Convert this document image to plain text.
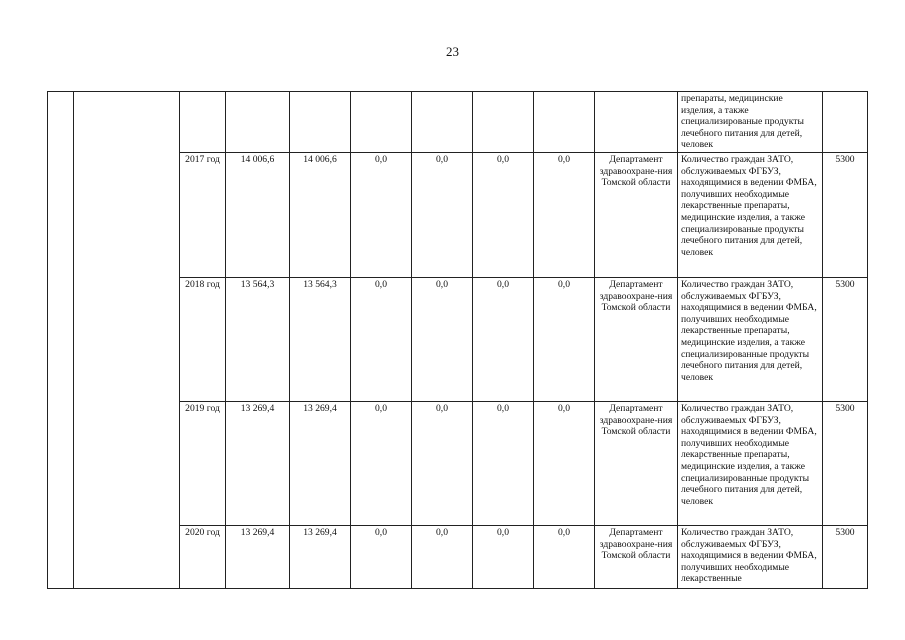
23
										препараты, медицинские изделия, а также специализированые продукты лечебного питания для детей, человек	
		2017 год	14 006,6	14 006,6	0,0	0,0	0,0	0,0	Департамент здравоохране-ния Томской области	Количество граждан ЗАТО, обслуживаемых ФГБУЗ, находящимися в ведении ФМБА, получивших необходимые лекарственные препараты, медицинские изделия, а также специализированые продукты лечебного питания для детей, человек	5300
		2018 год	13 564,3	13 564,3	0,0	0,0	0,0	0,0	Департамент здравоохране-ния Томской области	Количество граждан ЗАТО, обслуживаемых ФГБУЗ, находящимися в ведении ФМБА, получивших необходимые лекарственные препараты, медицинские изделия, а также специализированные продукты лечебного питания для детей, человек	5300
		2019 год	13 269,4	13 269,4	0,0	0,0	0,0	0,0	Департамент здравоохране-ния Томской области	Количество граждан ЗАТО, обслуживаемых ФГБУЗ, находящимися в ведении ФМБА, получивших необходимые лекарственные препараты, медицинские изделия, а также специализированные продукты лечебного питания для детей, человек	5300
		2020 год	13 269,4	13 269,4	0,0	0,0	0,0	0,0	Департамент здравоохране-ния Томской области	Количество граждан ЗАТО, обслуживаемых ФГБУЗ, находящимися в ведении ФМБА, получивших необходимые лекарственные	5300
